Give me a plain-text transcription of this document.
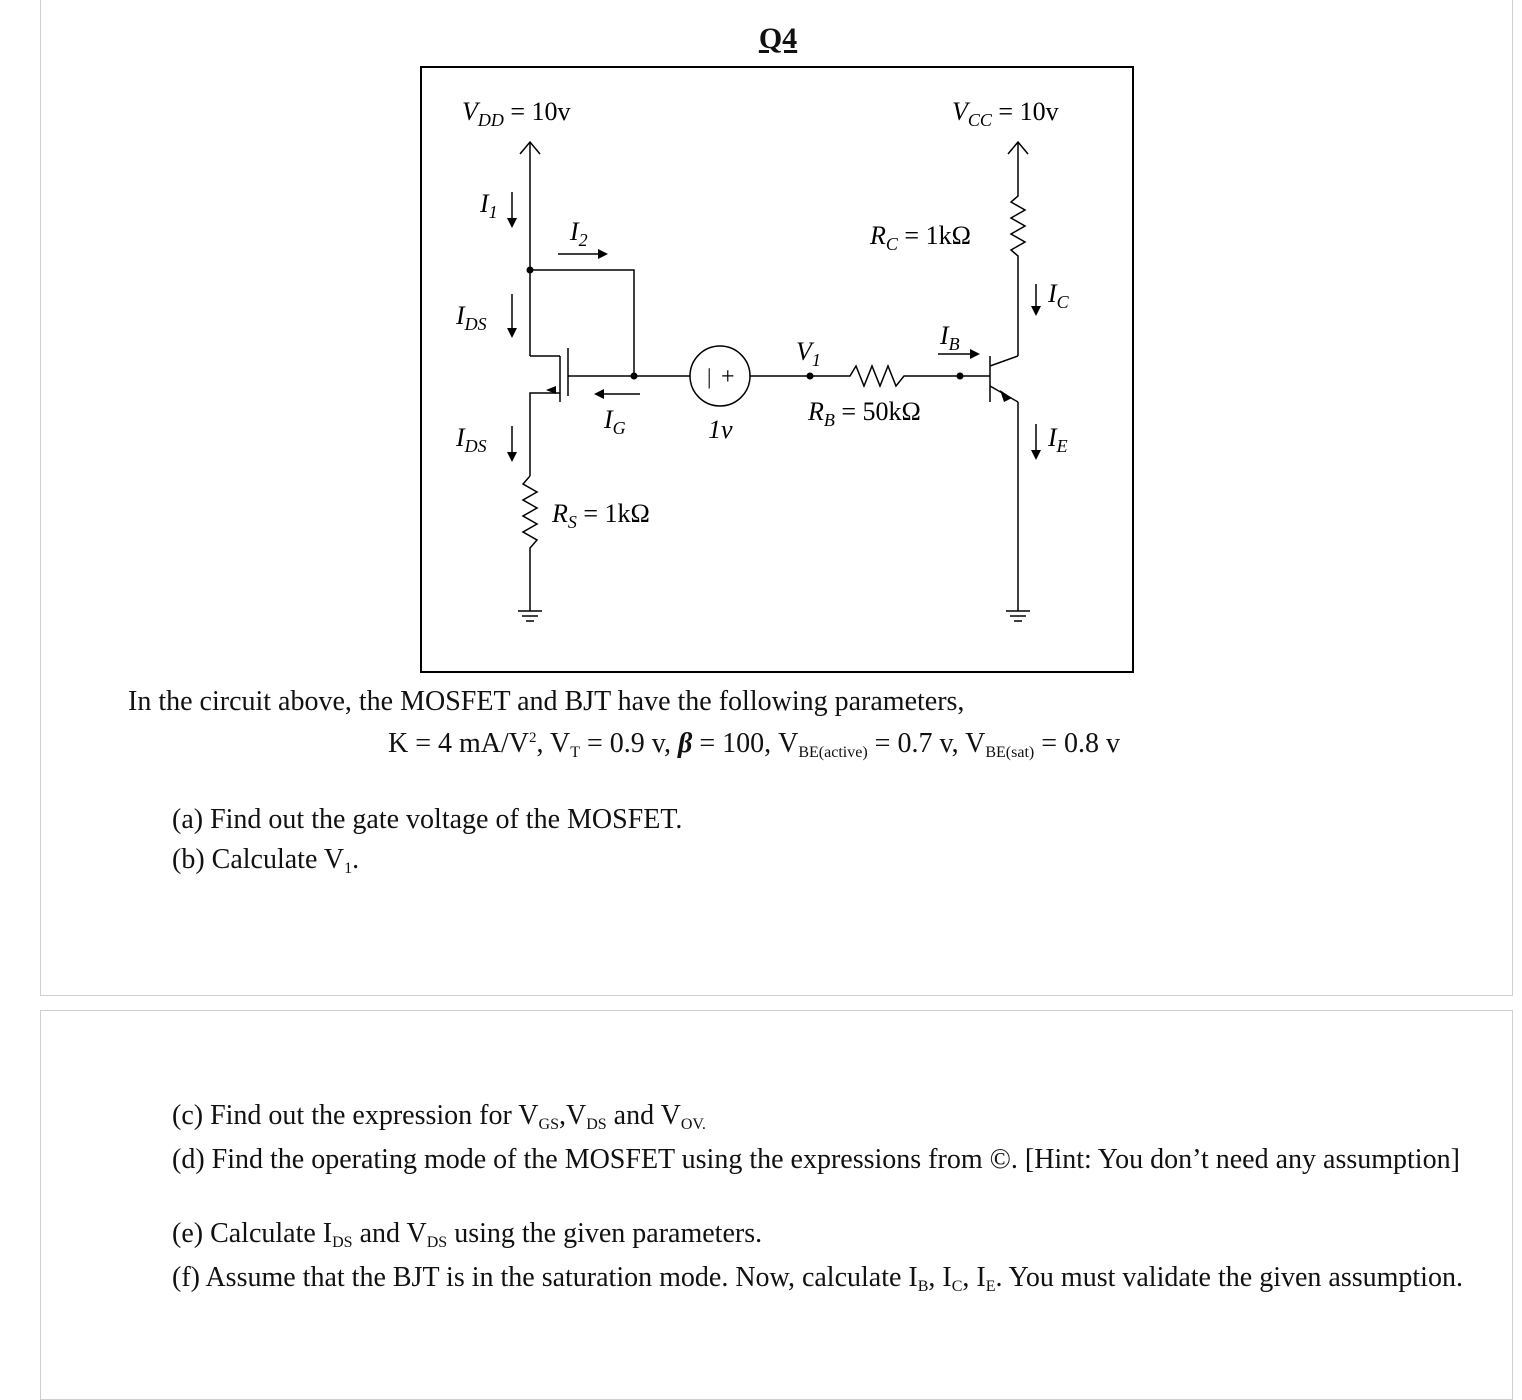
Q4
$V_{DD} = 10v$	$V_{CC} = 10v$
$I_1$
$I_2$
$I_{DS}$
$I_{DS}$
$I_G$
$I_B$
$I_C$
$I_E$
$V_1$
$R_C = 1k\Omega$
$R_B = 50k\Omega$
$R_S = 1k\Omega$
| +
1v
In the circuit above, the MOSFET and BJT have the following parameters,
K = 4 $mA/V^2$, $V_T = 0.9$ v, β = 100, $V_{BE(active)} = 0.7$ v, $V_{BE(sat)} = 0.8$ v
(a) Find out the gate voltage of the MOSFET.
(b) Calculate $V_1$.
(c) Find out the expression for $V_{GS},V_{DS}$ and $V_{OV.}$
(d) Find the operating mode of the MOSFET using the expressions from ©. [Hint: You don’t need any assumption]
(e) Calculate $I_{DS}$ and $V_{DS}$ using the given parameters.
(f) Assume that the BJT is in the saturation mode. Now, calculate $I_B$, $I_C$, $I_E$. You must validate the given assumption.
